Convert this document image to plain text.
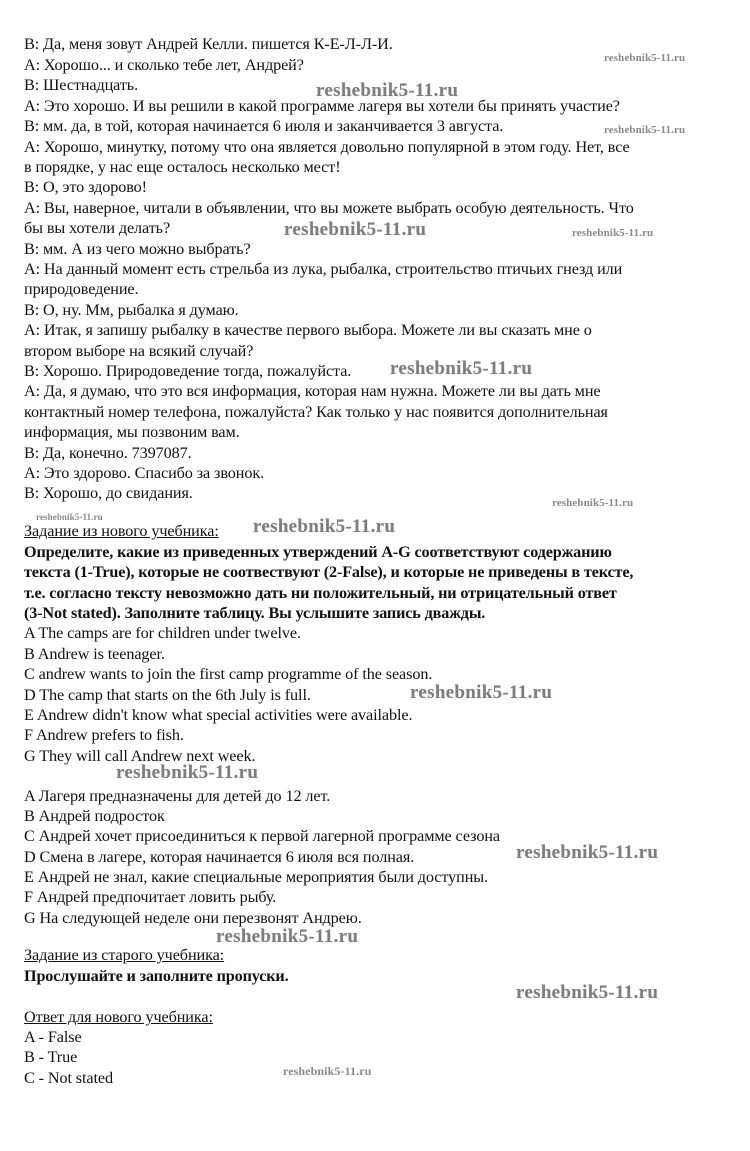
B: Да, меня зовут Андрей Келли. пишется К-Е-Л-Л-И.
А: Хорошо... и сколько тебе лет, Андрей?
В: Шестнадцать.
А: Это хорошо. И вы решили в какой программе лагеря вы хотели бы принять участие?
В: мм. да, в той, которая начинается 6 июля и заканчивается 3 августа.
А: Хорошо, минутку, потому что она является довольно популярной в этом году. Нет, все
в порядке, у нас еще осталось несколько мест!
В: О, это здорово!
А: Вы, наверное, читали в объявлении, что вы можете выбрать особую деятельность. Что
бы вы хотели делать?
В: мм. А из чего можно выбрать?
А: На данный момент есть стрельба из лука, рыбалка, строительство птичьих гнезд или
природоведение.
В: О, ну. Мм, рыбалка я думаю.
А: Итак, я запишу рыбалку в качестве первого выбора. Можете ли вы сказать мне о
втором выборе на всякий случай?
В: Хорошо. Природоведение тогда, пожалуйста.
А: Да, я думаю, что это вся информация, которая нам нужна. Можете ли вы дать мне
контактный номер телефона, пожалуйста? Как только у нас появится дополнительная
информация, мы позвоним вам.
В: Да, конечно. 7397087.
А: Это здорово. Спасибо за звонок.
В: Хорошо, до свидания.
Задание из нового учебника:
Определите, какие из приведенных утверждений A-G соответствуют содержанию
текста (1-True), которые не соотвествуют (2-False), и которые не приведены в тексте,
т.е. согласно тексту невозможно дать ни положительный, ни отрицательный ответ
(3-Not stated). Заполните таблицу. Вы услышите запись дважды.
A The camps are for children under twelve.
B Andrew is teenager.
C andrew wants to join the first camp programme of the season.
D The camp that starts on the 6th July is full.
E Andrew didn't know what special activities were available.
F Andrew prefers to fish.
G They will call Andrew next week.
A Лагеря предназначены для детей до 12 лет.
B Андрей подросток
C Андрей хочет присоединиться к первой лагерной программе сезона
D Смена в лагере, которая начинается 6 июля вся полная.
E Андрей не знал, какие специальные мероприятия были доступны.
F Андрей предпочитает ловить рыбу.
G На следующей неделе они перезвонят Андрею.
Задание из старого учебника:
Прослушайте и заполните пропуски.
Ответ для нового учебника:
A - False
B - True
C - Not stated
reshebnik5-11.ru
reshebnik5-11.ru
reshebnik5-11.ru
reshebnik5-11.ru	reshebnik5-11.ru
reshebnik5-11.ru
reshebnik5-11.ru
reshebnik5-11.ru	reshebnik5-11.ru
reshebnik5-11.ru
reshebnik5-11.ru
reshebnik5-11.ru
reshebnik5-11.ru
reshebnik5-11.ru
reshebnik5-11.ru
